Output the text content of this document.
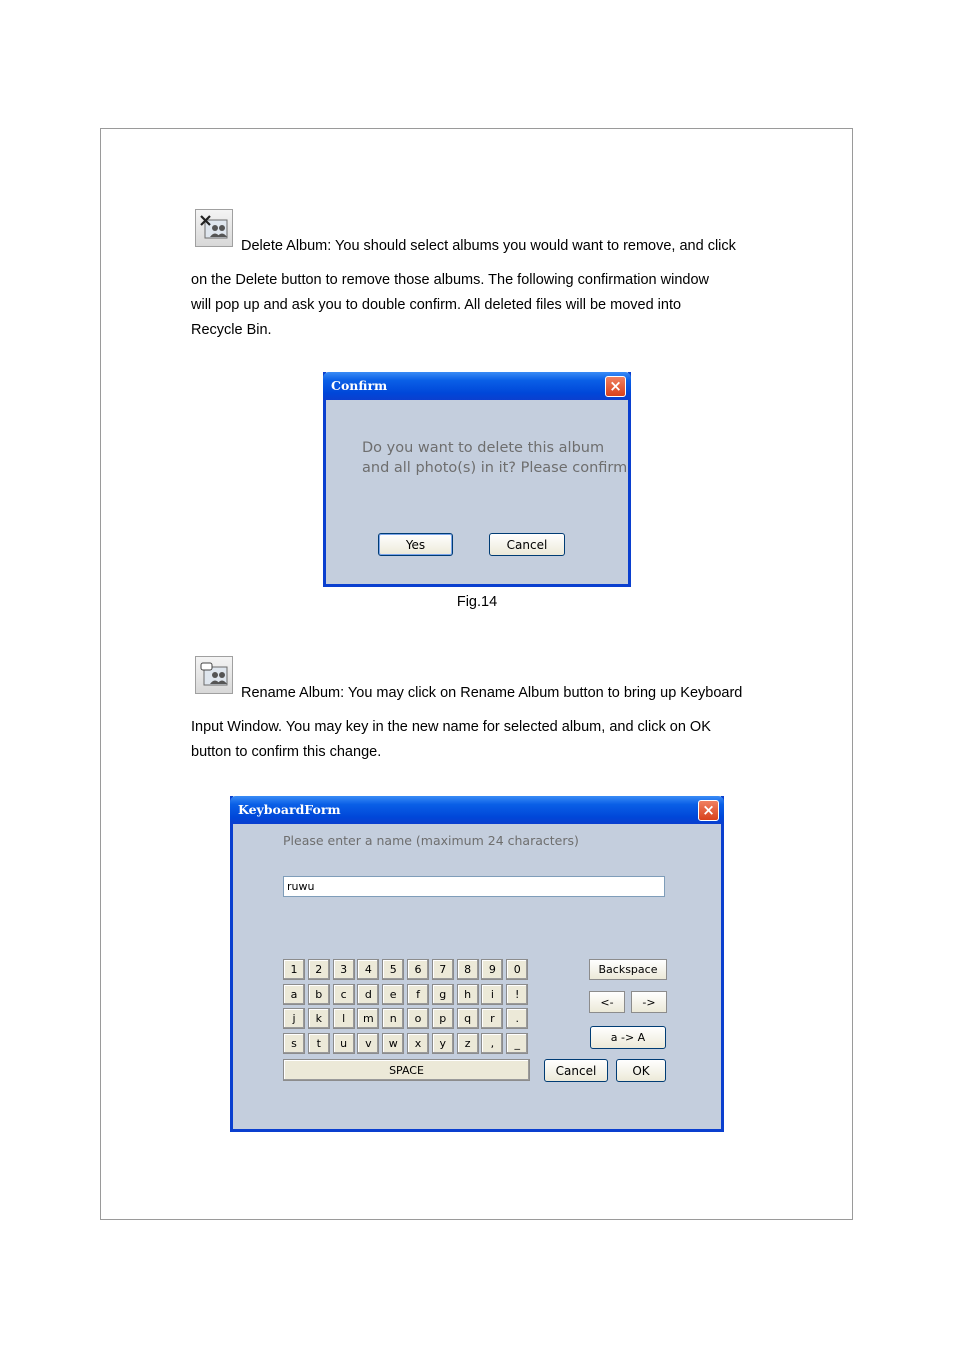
Delete Album: You should select albums you would want to remove, and click

on the Delete button to remove those albums. The following confirmation window

will pop up and ask you to double confirm. All deleted files will be moved into

Recycle Bin.

Confirm	×
Do you want to delete this album
and all photo(s) in it? Please confirm
Yes	Cancel
Fig.14
Rename Album: You may click on Rename Album button to bring up Keyboard

Input Window. You may key in the new name for selected album, and click on OK

button to confirm this change.

KeyboardForm	×
Please enter a name (maximum 24 characters)
ruwu
1	2	3	4	5	6	7	8	9	0
a	b	c	d	e	f	g	h	i	!
j	k	l	m	n	o	p	q	r	.
s	t	u	v	w	x	y	z	,	_
SPACE
Backspace
<-	->
a -> A
Cancel	OK
